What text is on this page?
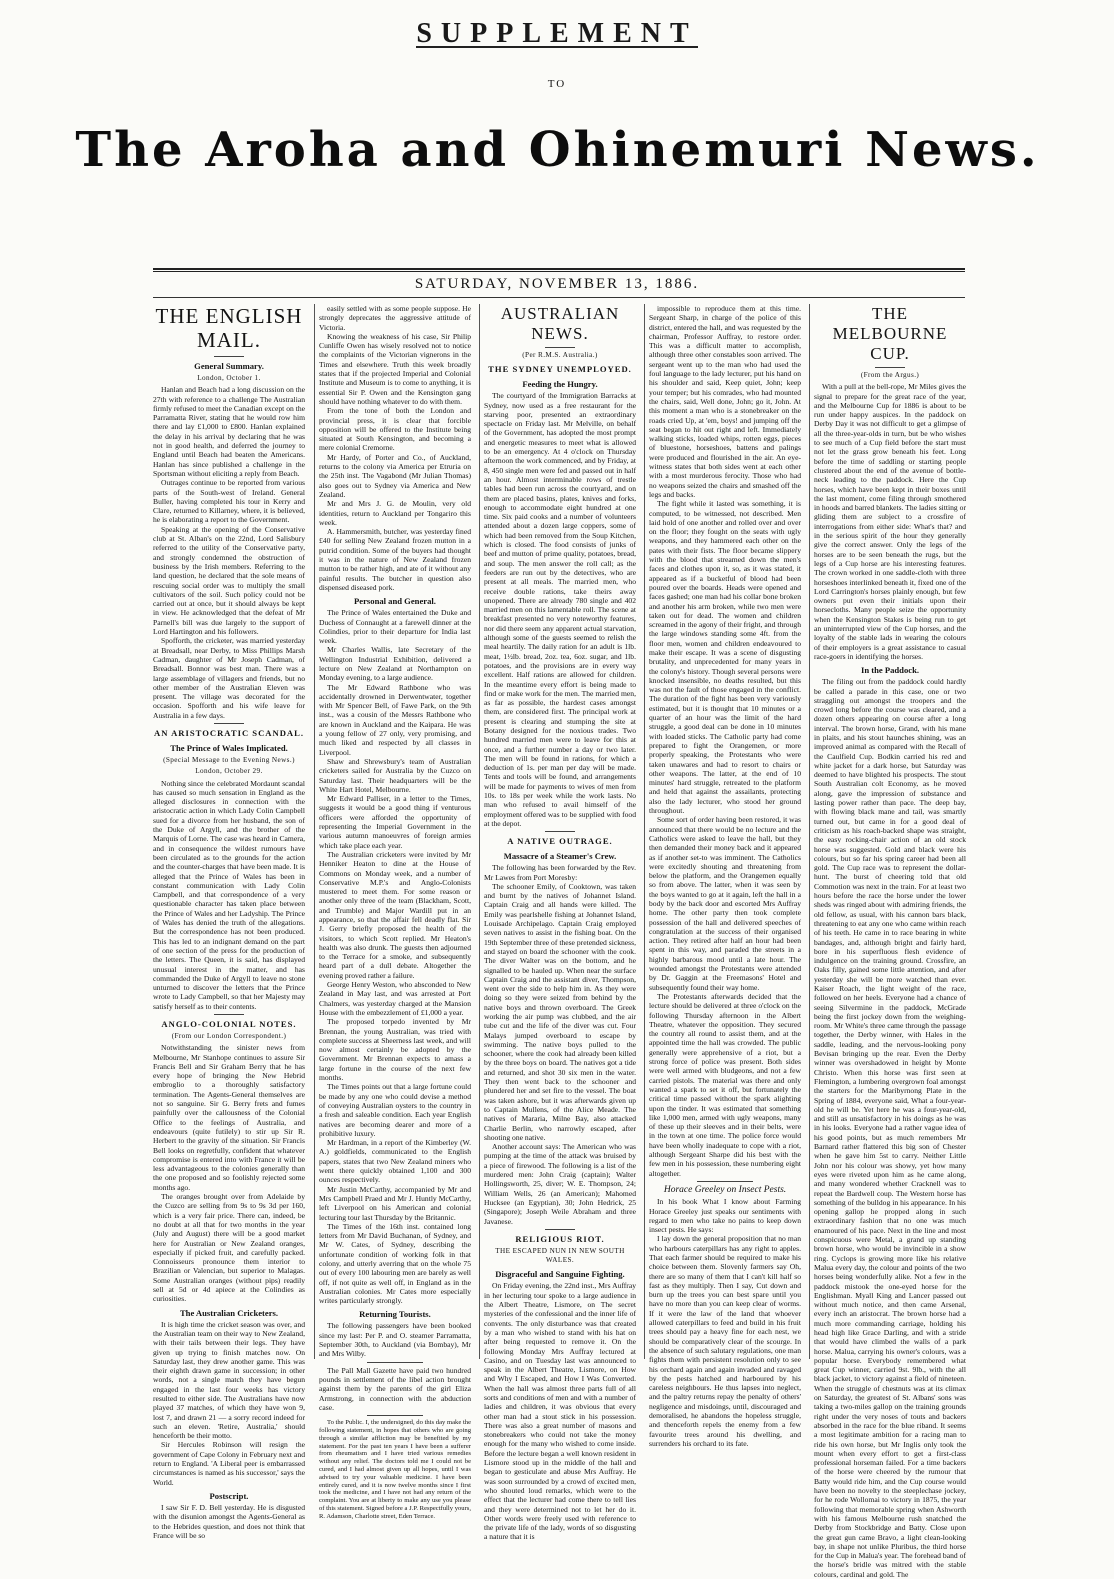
SUPPLEMENT
TO
The Aroha and Ohinemuri News.
SATURDAY, NOVEMBER 13, 1886.
THE ENGLISH MAIL.
General Summary.
London, October 1.

Hanlan and Beach had a long discussion on the 27th with reference to a challenge The Australian firmly refused to meet the Canadian except on the Parramatta River, stating that he would row him there and lay £1,000 to £800. Hanlan explained the delay in his arrival by declaring that he was not in good health, and deferred the journey to England until Beach had beaten the Americans. Hanlan has since published a challenge in the Sportsman without eliciting a reply from Beach.

Outrages continue to be reported from various parts of the South-west of Ireland. General Buller, having completed his tour in Kerry and Clare, returned to Killarney, where, it is believed, he is elaborating a report to the Government.

Speaking at the opening of the Conservative club at St. Alban's on the 22nd, Lord Salisbury referred to the utility of the Conservative party, and strongly condemned the obstruction of business by the Irish members. Referring to the land question, he declared that the sole means of rescuing social order was to multiply the small cultivators of the soil. Such policy could not be carried out at once, but it should always be kept in view. He acknowledged that the defeat of Mr Parnell's bill was due largely to the support of Lord Hartington and his followers.

Spofforth, the cricketer, was married yesterday at Breadsall, near Derby, to Miss Phillips Marsh Cadman, daughter of Mr Joseph Cadman, of Breadsall. Bonnor was best man. There was a large assemblage of villagers and friends, but no other member of the Australian Eleven was present. The village was decorated for the occasion. Spofforth and his wife leave for Australia in a few days.

AN ARISTOCRATIC SCANDAL.
The Prince of Wales Implicated.
(Special Message to the Evening News.)
London, October 29.

Nothing since the celebrated Mordaunt scandal has caused so much sensation in England as the alleged disclosures in connection with the aristocratic action in which Lady Colin Campbell sued for a divorce from her husband, the son of the Duke of Argyll, and the brother of the Marquis of Lorne. The case was heard in Camera, and in consequence the wildest rumours have been circulated as to the grounds for the action and the counter-charges that have been made. It is alleged that the Prince of Wales has been in constant communication with Lady Colin Campbell, and that correspondence of a very questionable character has taken place between the Prince of Wales and her Ladyship. The Prince of Wales has denied the truth of the allegations. But the correspondence has not been produced. This has led to an indignant demand on the part of one section of the press for the production of the letters. The Queen, it is said, has displayed unusual interest in the matter, and has commanded the Duke of Argyll to leave no stone unturned to discover the letters that the Prince wrote to Lady Campbell, so that her Majesty may satisfy herself as to their contents.

ANGLO-COLONIAL NOTES.
(From our London Correspondent.)

Notwithstanding the sinister news from Melbourne, Mr Stanhope continues to assure Sir Francis Bell and Sir Graham Berry that he has every hope of bringing the New Hebrid embroglio to a thoroughly satisfactory termination. The Agents-General themselves are not so sanguine. Sir G. Berry frets and fumes painfully over the callousness of the Colonial Office to the feelings of Australia, and endeavours (quite futilely) to stir up Sir R. Herbert to the gravity of the situation. Sir Francis Bell looks on regretfully, confident that whatever compromise is entered into with France it will be less advantageous to the colonies generally than the one proposed and so foolishly rejected some months ago.

The oranges brought over from Adelaide by the Cuzco are selling from 9s to 9s 3d per 160, which is a very fair price. There can, indeed, be no doubt at all that for two months in the year (July and August) there will be a good market here for Australian or New Zealand oranges, especially if picked fruit, and carefully packed. Connoisseurs pronounce them interior to Brazilian or Valencian, but superior to Malagas. Some Australian oranges (without pips) readily sell at 5d or 4d apiece at the Colindies as curiosities.

The Australian Cricketers.

It is high time the cricket season was over, and the Australian team on their way to New Zealand, with their tails between their legs. They have given up trying to finish matches now. On Saturday last, they drew another game. This was their eighth drawn game in succession; in other words, not a single match they have begun engaged in the last four weeks has victory resulted to either side. The Australians have now played 37 matches, of which they have won 9, lost 7, and drawn 21 — a sorry record indeed for such an eleven. 'Retire, Australia,' should henceforth be their motto.

Sir Hercules Robinson will resign the government of Cape Colony in February next and return to England. 'A Liberal peer is embarrassed circumstances is named as his successor,' says the World.

Postscript.

I saw Sir F. D. Bell yesterday. He is disgusted with the disunion amongst the Agents-General as to the Hebrides question, and does not think that France will be so

easily settled with as some people suppose. He strongly deprecates the aggressive attitude of Victoria.

Knowing the weakness of his case, Sir Philip Cunliffe Owen has wisely resolved not to notice the complaints of the Victorian vignerons in the Times and elsewhere. Truth this week broadly states that if the projected Imperial and Colonial Institute and Museum is to come to anything, it is essential Sir P. Owen and the Kensington gang should have nothing whatever to do with them.

From the tone of both the London and provincial press, it is clear that forcible opposition will be offered to the Institute being situated at South Kensington, and becoming a mere colonial Cremorne.

Mr Hardy, of Porter and Co., of Auckland, returns to the colony via America per Etruria on the 25th inst. The Vagabond (Mr Julian Thomas) also goes out to Sydney via America and New Zealand.

Mr and Mrs J. G. de Moulin, very old identities, return to Auckland per Tongariro this week.

A. Hammersmith, butcher, was yesterday fined £40 for selling New Zealand frozen mutton in a putrid condition. Some of the buyers had thought it was in the nature of New Zealand frozen mutton to be rather high, and ate of it without any painful results. The butcher in question also dispensed diseased pork.

Personal and General.

The Prince of Wales entertained the Duke and Duchess of Connaught at a farewell dinner at the Colindies, prior to their departure for India last week.

Mr Charles Wallis, late Secretary of the Wellington Industrial Exhibition, delivered a lecture on New Zealand at Northampton on Monday evening, to a large audience.

The Mr Edward Rathbone who was accidentally drowned in Derwentwater, together with Mr Spencer Bell, of Fawe Park, on the 9th inst., was a cousin of the Messrs Rathbone who are known in Auckland and the Kaipara. He was a young fellow of 27 only, very promising, and much liked and respected by all classes in Liverpool.

Shaw and Shrewsbury's team of Australian cricketers sailed for Australia by the Cuzco on Saturday last. Their headquarters will be the White Hart Hotel, Melbourne.

Mr Edward Palliser, in a letter to the Times, suggests it would be a good thing if venturous officers were afforded the opportunity of representing the Imperial Government in the various autumn manoeuvres of foreign armies which take place each year.

The Australian cricketers were invited by Mr Henniker Heaton to dine at the House of Commons on Monday week, and a number of Conservative M.P.'s and Anglo-Colonists mustered to meet them. For some reason or another only three of the team (Blackham, Scott, and Trumble) and Major Wardill put in an appearance, so that the affair fell deadly flat. Sir J. Gerry briefly proposed the health of the visitors, to which Scott replied. Mr Heaton's health was also drunk. The guests then adjourned to the Terrace for a smoke, and subsequently heard part of a dull debate. Altogether the evening proved rather a failure.

George Henry Weston, who absconded to New Zealand in May last, and was arrested at Port Chalmers, was yesterday charged at the Mansion House with the embezzlement of £1,000 a year.

The proposed torpedo invented by Mr Brennan, the young Australian, was tried with complete success at Sheerness last week, and will now almost certainly be adopted by the Government. Mr Brennan expects to amass a large fortune in the course of the next few months.

The Times points out that a large fortune could be made by any one who could devise a method of conveying Australian oysters to the country in a fresh and saleable condition. Each year English natives are becoming dearer and more of a prohibitive luxury.

Mr Hardman, in a report of the Kimberley (W. A.) goldfields, communicated to the English papers, states that two New Zealand miners who went there quickly obtained 1,100 and 300 ounces respectively.

Mr Justin McCarthy, accompanied by Mr and Mrs Campbell Praed and Mr J. Huntly McCarthy, left Liverpool on his American and colonial lecturing tour last Thursday by the Britannic.

The Times of the 16th inst. contained long letters from Mr David Buchanan, of Sydney, and Mr W. Cates, of Sydney, describing the unfortunate condition of working folk in that colony, and utterly averring that on the whole 75 out of every 100 labouring men are barely as well off, if not quite as well off, in England as in the Australian colonies. Mr Cates more especially writes particularly strongly.

Returning Tourists.

The following passengers have been booked since my last: Per P. and O. steamer Parramatta, September 30th, to Auckland (via Bombay), Mr and Mrs Wilby.

The Pall Mall Gazette have paid two hundred pounds in settlement of the libel action brought against them by the parents of the girl Eliza Armstrong, in connection with the abduction case.

To the Public. I, the undersigned, do this day make the following statement, in hopes that others who are going through a similar affliction may be benefited by my statement. For the past ten years I have been a sufferer from rheumatism and I have tried various remedies without any relief. The doctors told me I could not be cured, and I had almost given up all hopes, until I was advised to try your valuable medicine. I have been entirely cured, and it is now twelve months since I first took the medicine, and I have not had any return of the complaint. You are at liberty to make any use you please of this statement. Signed before a J.P. Respectfully yours, R. Adamson, Charlotte street, Eden Terrace.

AUSTRALIAN NEWS.
(Per R.M.S. Australia.)
THE SYDNEY UNEMPLOYED.
Feeding the Hungry.

The courtyard of the Immigration Barracks at Sydney, now used as a free restaurant for the starving poor, presented an extraordinary spectacle on Friday last. Mr Melville, on behalf of the Government, has adopted the most prompt and energetic measures to meet what is allowed to be an emergency. At 4 o'clock on Thursday afternoon the work commenced, and by Friday, at 8, 450 single men were fed and passed out in half an hour. Almost interminable rows of trestle tables had been run across the courtyard, and on them are placed basins, plates, knives and forks, enough to accommodate eight hundred at one time. Six paid cooks and a number of volunteers attended about a dozen large coppers, some of which had been removed from the Soup Kitchen, which is closed. The food consists of junks of beef and mutton of prime quality, potatoes, bread, and soup. The men answer the roll call; as the feeders are run out by the detectives, who are present at all meals. The married men, who receive double rations, take theirs away unopened. There are already 780 single and 402 married men on this lamentable roll. The scene at breakfast presented no very noteworthy features, nor did there seem any apparent actual starvation, although some of the guests seemed to relish the meal heartily. The daily ration for an adult is 1lb. meat, 1½lb. bread, 2oz. tea, 6oz. sugar, and 1lb. potatoes, and the provisions are in every way excellent. Half rations are allowed for children. In the meantime every effort is being made to find or make work for the men. The married men, as far as possible, the hardest cases amongst them, are considered first. The principal work at present is clearing and stumping the site at Botany designed for the noxious trades. Two hundred married men were to leave for this at once, and a further number a day or two later. The men will be found in rations, for which a deduction of 1s. per man per day will be made. Tents and tools will be found, and arrangements will be made for payments to wives of men from 10s. to 18s per week while the work lasts. No man who refused to avail himself of the employment offered was to be supplied with food at the depot.

A NATIVE OUTRAGE.
Massacre of a Steamer's Crew.

The following has been forwarded by the Rev. Mr Lawes from Port Moresby:

The schooner Emily, of Cooktown, was taken and burnt by the natives of Johannet Island. Captain Craig and all hands were killed. The Emily was pearlshelle fishing at Johannet Island, Louisade Archipelago. Captain Craig employed seven natives to assist in the fishing boat. On the 19th September three of these pretended sickness, and stayed on board the schooner with the cook. The diver Walter was on the bottom, and he signalled to be hauled up. When near the surface Captain Craig and the assistant diver, Thompson, went over the side to help him in. As they were doing so they were seized from behind by the native boys and thrown overboard. The Greek working the air pump was clubbed, and the air tube cut and the life of the diver was cut. Four Malays jumped overboard to escape by swimming. The native boys pulled to the schooner, where the cook had already been killed by the three boys on board. The natives got a tide and returned, and shot 30 six men in the water. They then went back to the schooner and plundered her and set fire to the vessel. The boat was taken ashore, but it was afterwards given up to Captain Mullens, of the Alice Meade. The natives of Mararia, Milne Bay, also attacked Charlie Berlin, who narrowly escaped, after shooting one native.

Another account says: The American who was pumping at the time of the attack was bruised by a piece of firewood. The following is a list of the murdered men: John Craig (captain); Walter Hollingsworth, 25, diver; W. E. Thompson, 24; William Wells, 26 (an American); Mahomed Hucksee (an Egyptian), 30; John Hedrick, 25 (Singapore); Joseph Weile Abraham and three Javanese.

RELIGIOUS RIOT.
THE ESCAPED NUN IN NEW SOUTH WALES.
Disgraceful and Sanguine Fighting.

On Friday evening, the 22nd inst., Mrs Auffray in her lecturing tour spoke to a large audience in the Albert Theatre, Lismore, on The secret mysteries of the confessional and the inner life of convents. The only disturbance was that created by a man who wished to stand with his hat on after being requested to remove it. On the following Monday Mrs Auffray lectured at Casino, and on Tuesday last was announced to speak in the Albert Theatre, Lismore, on How and Why I Escaped, and How I Was Converted. When the hall was almost three parts full of all sorts and conditions of men and with a number of ladies and children, it was obvious that every other man had a stout stick in his possession. There was also a great number of masons and stonebreakers who could not take the money enough for the many who wished to come inside. Before the lecture began a well known resident in Lismore stood up in the middle of the hall and began to gesticulate and abuse Mrs Auffray. He was soon surrounded by a crowd of excited men, who shouted loud remarks, which were to the effect that the lecturer had come there to tell lies and they were determined not to let her do it. Other words were freely used with reference to the private life of the lady, words of so disgusting a nature that it is

impossible to reproduce them at this time. Sergeant Sharp, in charge of the police of this district, entered the hall, and was requested by the chairman, Professor Auffray, to restore order. This was a difficult matter to accomplish, although three other constables soon arrived. The sergeant went up to the man who had used the foul language to the lady lecturer, put his hand on his shoulder and said, Keep quiet, John; keep your temper; but his comrades, who had mounted the chairs, said, Well done, John; go it, John. At this moment a man who is a stonebreaker on the roads cried Up, at 'em, boys! and jumping off the seat began to hit out right and left. Immediately walking sticks, loaded whips, rotten eggs, pieces of bluestone, horseshoes, battens and palings were produced and flourished in the air. An eye-witness states that both sides went at each other with a most murderous ferocity. Those who had no weapons seized the chairs and smashed off the legs and backs.

The fight while it lasted was something, it is computed, to be witnessed, not described. Men laid hold of one another and rolled over and over on the floor; they fought on the seats with ugly weapons, and they hammered each other on the pates with their fists. The floor became slippery with the blood that streamed down the men's faces and clothes upon it, so, as it was stated, it appeared as if a bucketful of blood had been poured over the boards. Heads were opened and faces gashed; one man had his collar bone broken and another his arm broken, while two men were taken out for dead. The women and children screamed in the agony of their fright, and through the large windows standing some 4ft. from the floor men, women and children endeavoured to make their escape. It was a scene of disgusting brutality, and unprecedented for many years in the colony's history. Though several persons were knocked insensible, no deaths resulted, but this was not the fault of those engaged in the conflict. The duration of the fight has been very variously estimated, but it is thought that 10 minutes or a quarter of an hour was the limit of the hard struggle, a good deal can be done in 10 minutes with loaded sticks. The Catholic party had come prepared to fight the Orangemen, or more properly speaking, the Protestants who were taken unawares and had to resort to chairs or other weapons. The latter, at the end of 10 minutes' hard struggle, retreated to the platform and held that against the assailants, protecting also the lady lecturer, who stood her ground throughout.

Some sort of order having been restored, it was announced that there would be no lecture and the Catholics were asked to leave the hall, but they then demanded their money back and it appeared as if another set-to was imminent. The Catholics were excitedly shouting and threatening from below the platform, and the Orangemen equally so from above. The latter, when it was seen by the boys wanted to go at it again, left the hall in a body by the back door and escorted Mrs Auffray home. The other party then took complete possession of the hall and delivered speeches of congratulation at the success of their organised action. They retired after half an hour had been spent in this way, and paraded the streets in a highly barbarous mood until a late hour. The wounded amongst the Protestants were attended by Dr. Gaggin at the Freemasons' Hotel and subsequently found their way home.

The Protestants afterwards decided that the lecture should be delivered at three o'clock on the following Thursday afternoon in the Albert Theatre, whatever the opposition. They secured the country all round to assist them, and at the appointed time the hall was crowded. The public generally were apprehensive of a riot, but a strong force of police was present. Both sides were well armed with bludgeons, and not a few carried pistols. The material was there and only wanted a spark to set it off, but fortunately the critical time passed without the spark alighting upon the tinder. It was estimated that something like 1,000 men, armed with ugly weapons, many of these up their sleeves and in their belts, were in the town at one time. The police force would have been wholly inadequate to cope with a riot, although Sergeant Sharpe did his best with the few men in his possession, these numbering eight altogether.

Horace Greeley on Insect Pests.

In his book What I know about Farming Horace Greeley just speaks our sentiments with regard to men who take no pains to keep down insect pests. He says:

I lay down the general proposition that no man who harbours caterpillars has any right to apples. That each farmer should be required to make his choice between them. Slovenly farmers say Oh, there are so many of them that I can't kill half so fast as they multiply. Then I say, Cut down and burn up the trees you can best spare until you have no more than you can keep clear of worms. If it were the law of the land that whoever allowed caterpillars to feed and build in his fruit trees should pay a heavy fine for each nest, we should be comparatively clear of the scourge. In the absence of such salutary regulations, one man fights them with persistent resolution only to see his orchard again and again invaded and ravaged by the pests hatched and harboured by his careless neighbours. He thus lapses into neglect, and the paltry returns repay the penalty of others' negligence and misdoings, until, discouraged and demoralised, he abandons the hopeless struggle, and thenceforth repels the enemy from a few favourite trees around his dwelling, and surrenders his orchard to its fate.

THE MELBOURNE CUP.
(From the Argus.)

With a pull at the bell-rope, Mr Miles gives the signal to prepare for the great race of the year, and the Melbourne Cup for 1886 is about to be run under happy auspices. In the paddock on Derby Day it was not difficult to get a glimpse of all the three-year-olds in turn, but be who wishes to see much of a Cup field before the start must not let the grass grow beneath his feet. Long before the time of saddling or starting people clustered about the end of the avenue of bottle-neck leading to the paddock. Here the Cup horses, which have been kept in their boxes until the last moment, come filing through smothered in hoods and barred blankets. The ladies sitting or gliding them are subject to a crossfire of interrogations from either side: What's that? and in the serious spirit of the hour they generally give the correct answer. Only the legs of the horses are to be seen beneath the rugs, but the legs of a Cup horse are his interesting features. The crown worked in one saddle-cloth with three horseshoes interlinked beneath it, fixed one of the Lord Carrington's horses plainly enough, but few owners put even their initials upon their horsecloths. Many people seize the opportunity when the Kensington Stakes is being run to get an uninterrupted view of the Cup horses, and the loyalty of the stable lads in wearing the colours of their employers is a great assistance to casual race-goers in identifying the horses.

In the Paddock.

The filing out from the paddock could hardly be called a parade in this case, one or two straggling out amongst the troopers and the crowd long before the course was cleared, and a dozen others appearing on course after a long interval. The brown horse, Grand, with his mane in plaits, and his stout haunches shining, was an improved animal as compared with the Recall of the Caulfield Cup. Bodkin carried his red and white jacket for a dark horse, but Saturday was deemed to have blighted his prospects. The stout South Australian colt Economy, as he moved along, gave the impression of substance and lasting power rather than pace. The deep bay, with flowing black mane and tail, was smartly turned out, but came in for a good deal of criticism as his roach-backed shape was straight, the easy rocking-chair action of an old stock horse was suggested. Gold and black were his colours, but so far his spring career had been all gold. The Cup race was to represent the dollar-hunt. The burst of cheering told that old Commotion was next in the train. For at least two hours before the race the horse under the lower sheds was ringed about with admiring friends, the old fellow, as usual, with his cannon bars black, threatening to eat any one who came within reach of his teeth. He came in to race bearing in white bandages, and, although bright and fairly hard, bore in his superfluous flesh evidence of indulgence on the training ground. Crossfire, an Oaks filly, gained some little attention, and after yesterday she will be more watched than ever. Kaiser Roach, the light weight of the race, followed on her heels. Everyone had a chance of seeing Silvermine in the paddock, McGrade being the first jockey down from the weighing-room. Mr White's three came through the passage together, the Derby winner, with Hales in the saddle, leading, and the nervous-looking pony Bevisan bringing up the rear. Even the Derby winner was overshadowed in height by Monte Christo. When this horse was first seen at Flemington, a lumbering overgrown foal amongst the starters for the Maribyrnong Plate in the Spring of 1884, everyone said, What a four-year-old he will be. Yet here he was a four-year-old, and still as unsatisfactory in his doings as he was in his looks. Everyone had a rather vague idea of his good points, but as much remembers Mr Barnard rather flattered this big son of Chester when he gave him 5st to carry. Neither Little John nor his colour was showy, yet how many eyes were riveted upon him as he came along, and many wondered whether Cracknell was to repeat the Bardwell coup. The Western horse has something of the bulldog in his appearance. In his opening gallop he propped along in such extraordinary fashion that no one was much enamoured of his pace. Next in the line and most conspicuous were Metal, a grand up standing brown horse, who would be invincible in a show ring. Cyclops is growing more like his relative Malua every day, the colour and points of the two horses being wonderfully alike. Not a few in the paddock mistook the one-eyed horse for the Englishman. Myall King and Lancer passed out without much notice, and then came Arsenal, every inch an aristocrat. The brown horse had a much more commanding carriage, holding his head high like Grace Darling, and with a stride that would have climbed the walls of a park horse. Malua, carrying his owner's colours, was a popular horse. Everybody remembered what great Cup winner, carried 9st. 9lb., with the all black jacket, to victory against a field of nineteen. When the struggle of chestnuts was at its climax on Saturday, the greatest of St. Albans' sons was taking a two-miles gallop on the training grounds right under the very noses of touts and backers absorbed in the race for the blue riband. It seems a most legitimate ambition for a racing man to ride his own horse, but Mr Inglis only took the mount when every effort to get a first-class professional horseman failed. For a time backers of the horse were cheered by the rumour that Batty would ride him, and the Cup course would have been no novelty to the steeplechase jockey, for he rode Wollomai to victory in 1875, the year following that memorable spring when Ashworth with his famous Melbourne rush snatched the Derby from Stockbridge and Batty. Close upon the great gun came Bravo, a light clean-looking bay, in shape not unlike Pluribus, the third horse for the Cup in Malua's year. The forehead band of the horse's bridle was mitred with the stable colours, cardinal and gold. The
